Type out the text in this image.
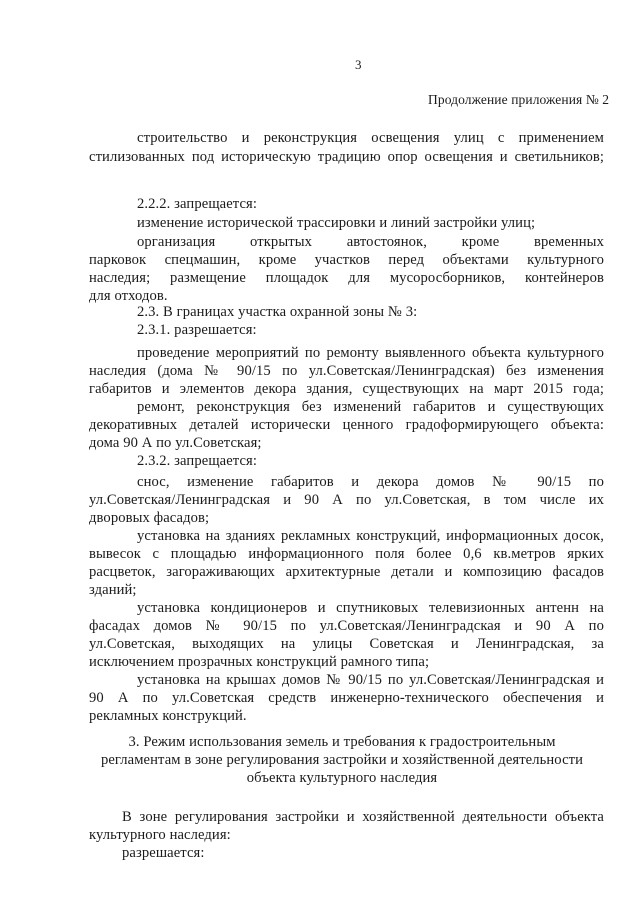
3
Продолжение приложения № 2
строительство и реконструкция освещения улиц с применением
стилизованных под историческую традицию опор освещения и светильников;
2.2.2. запрещается:
изменение исторической трассировки и линий застройки улиц;
организация открытых автостоянок, кроме временных
парковок спецмашин, кроме участков перед объектами культурного
наследия; размещение площадок для мусоросборников, контейнеров
для отходов.
2.3. В границах участка охранной зоны № 3:
2.3.1. разрешается:
проведение мероприятий по ремонту выявленного объекта культурного
наследия (дома № 90/15 по ул.Советская/Ленинградская) без изменения
габаритов и элементов декора здания, существующих на март 2015 года;
ремонт, реконструкция без изменений габаритов и существующих
декоративных деталей исторически ценного градоформирующего объекта:
дома 90 А по ул.Советская;
2.3.2. запрещается:
снос, изменение габаритов и декора домов № 90/15 по
ул.Советская/Ленинградская и 90 А по ул.Советская, в том числе их
дворовых фасадов;
установка на зданиях рекламных конструкций, информационных досок,
вывесок с площадью информационного поля более 0,6 кв.метров ярких
расцветок, загораживающих архитектурные детали и композицию фасадов
зданий;
установка кондиционеров и спутниковых телевизионных антенн на
фасадах домов № 90/15 по ул.Советская/Ленинградская и 90 А по
ул.Советская, выходящих на улицы Советская и Ленинградская, за
исключением прозрачных конструкций рамного типа;
установка на крышах домов № 90/15 по ул.Советская/Ленинградская и
90 А по ул.Советская средств инженерно-технического обеспечения и
рекламных конструкций.
3. Режим использования земель и требования к градостроительным
регламентам в зоне регулирования застройки и хозяйственной деятельности
объекта культурного наследия
В зоне регулирования застройки и хозяйственной деятельности объекта
культурного наследия:
разрешается:
